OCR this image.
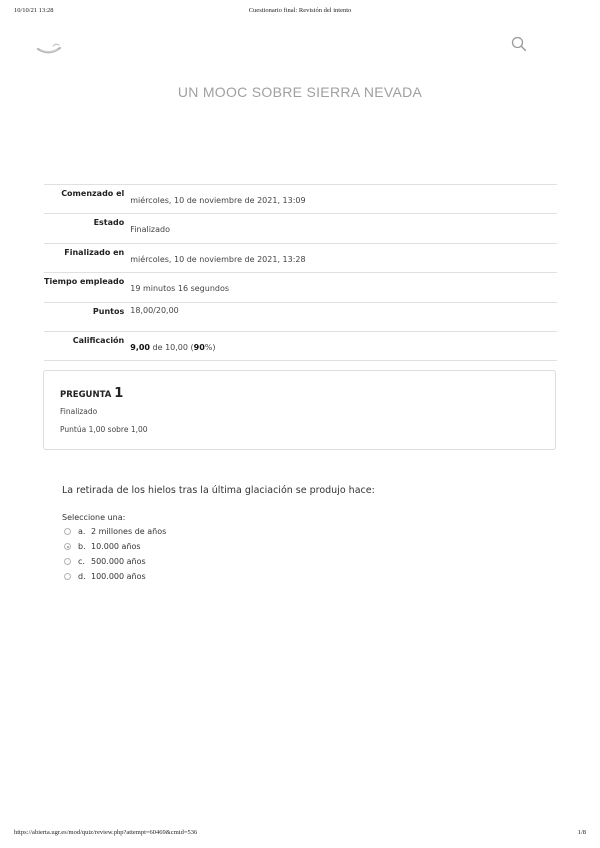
10/10/21 13:28	Cuestionario final: Revisión del intento
UN MOOC SOBRE SIERRA NEVADA
Comenzado el	miércoles, 10 de noviembre de 2021, 13:09
Estado	Finalizado
Finalizado en	miércoles, 10 de noviembre de 2021, 13:28
Tiempo empleado	19 minutos 16 segundos
Puntos	18,00/20,00
Calificación	9,00 de 10,00 (90%)
PREGUNTA 1
Finalizado
Puntúa 1,00 sobre 1,00
La retirada de los hielos tras la última glaciación se produjo hace:
Seleccione una:
a. 2 millones de años
b. 10.000 años
c. 500.000 años
d. 100.000 años
https://abierta.ugr.es/mod/quiz/review.php?attempt=60469&cmid=536	1/8
